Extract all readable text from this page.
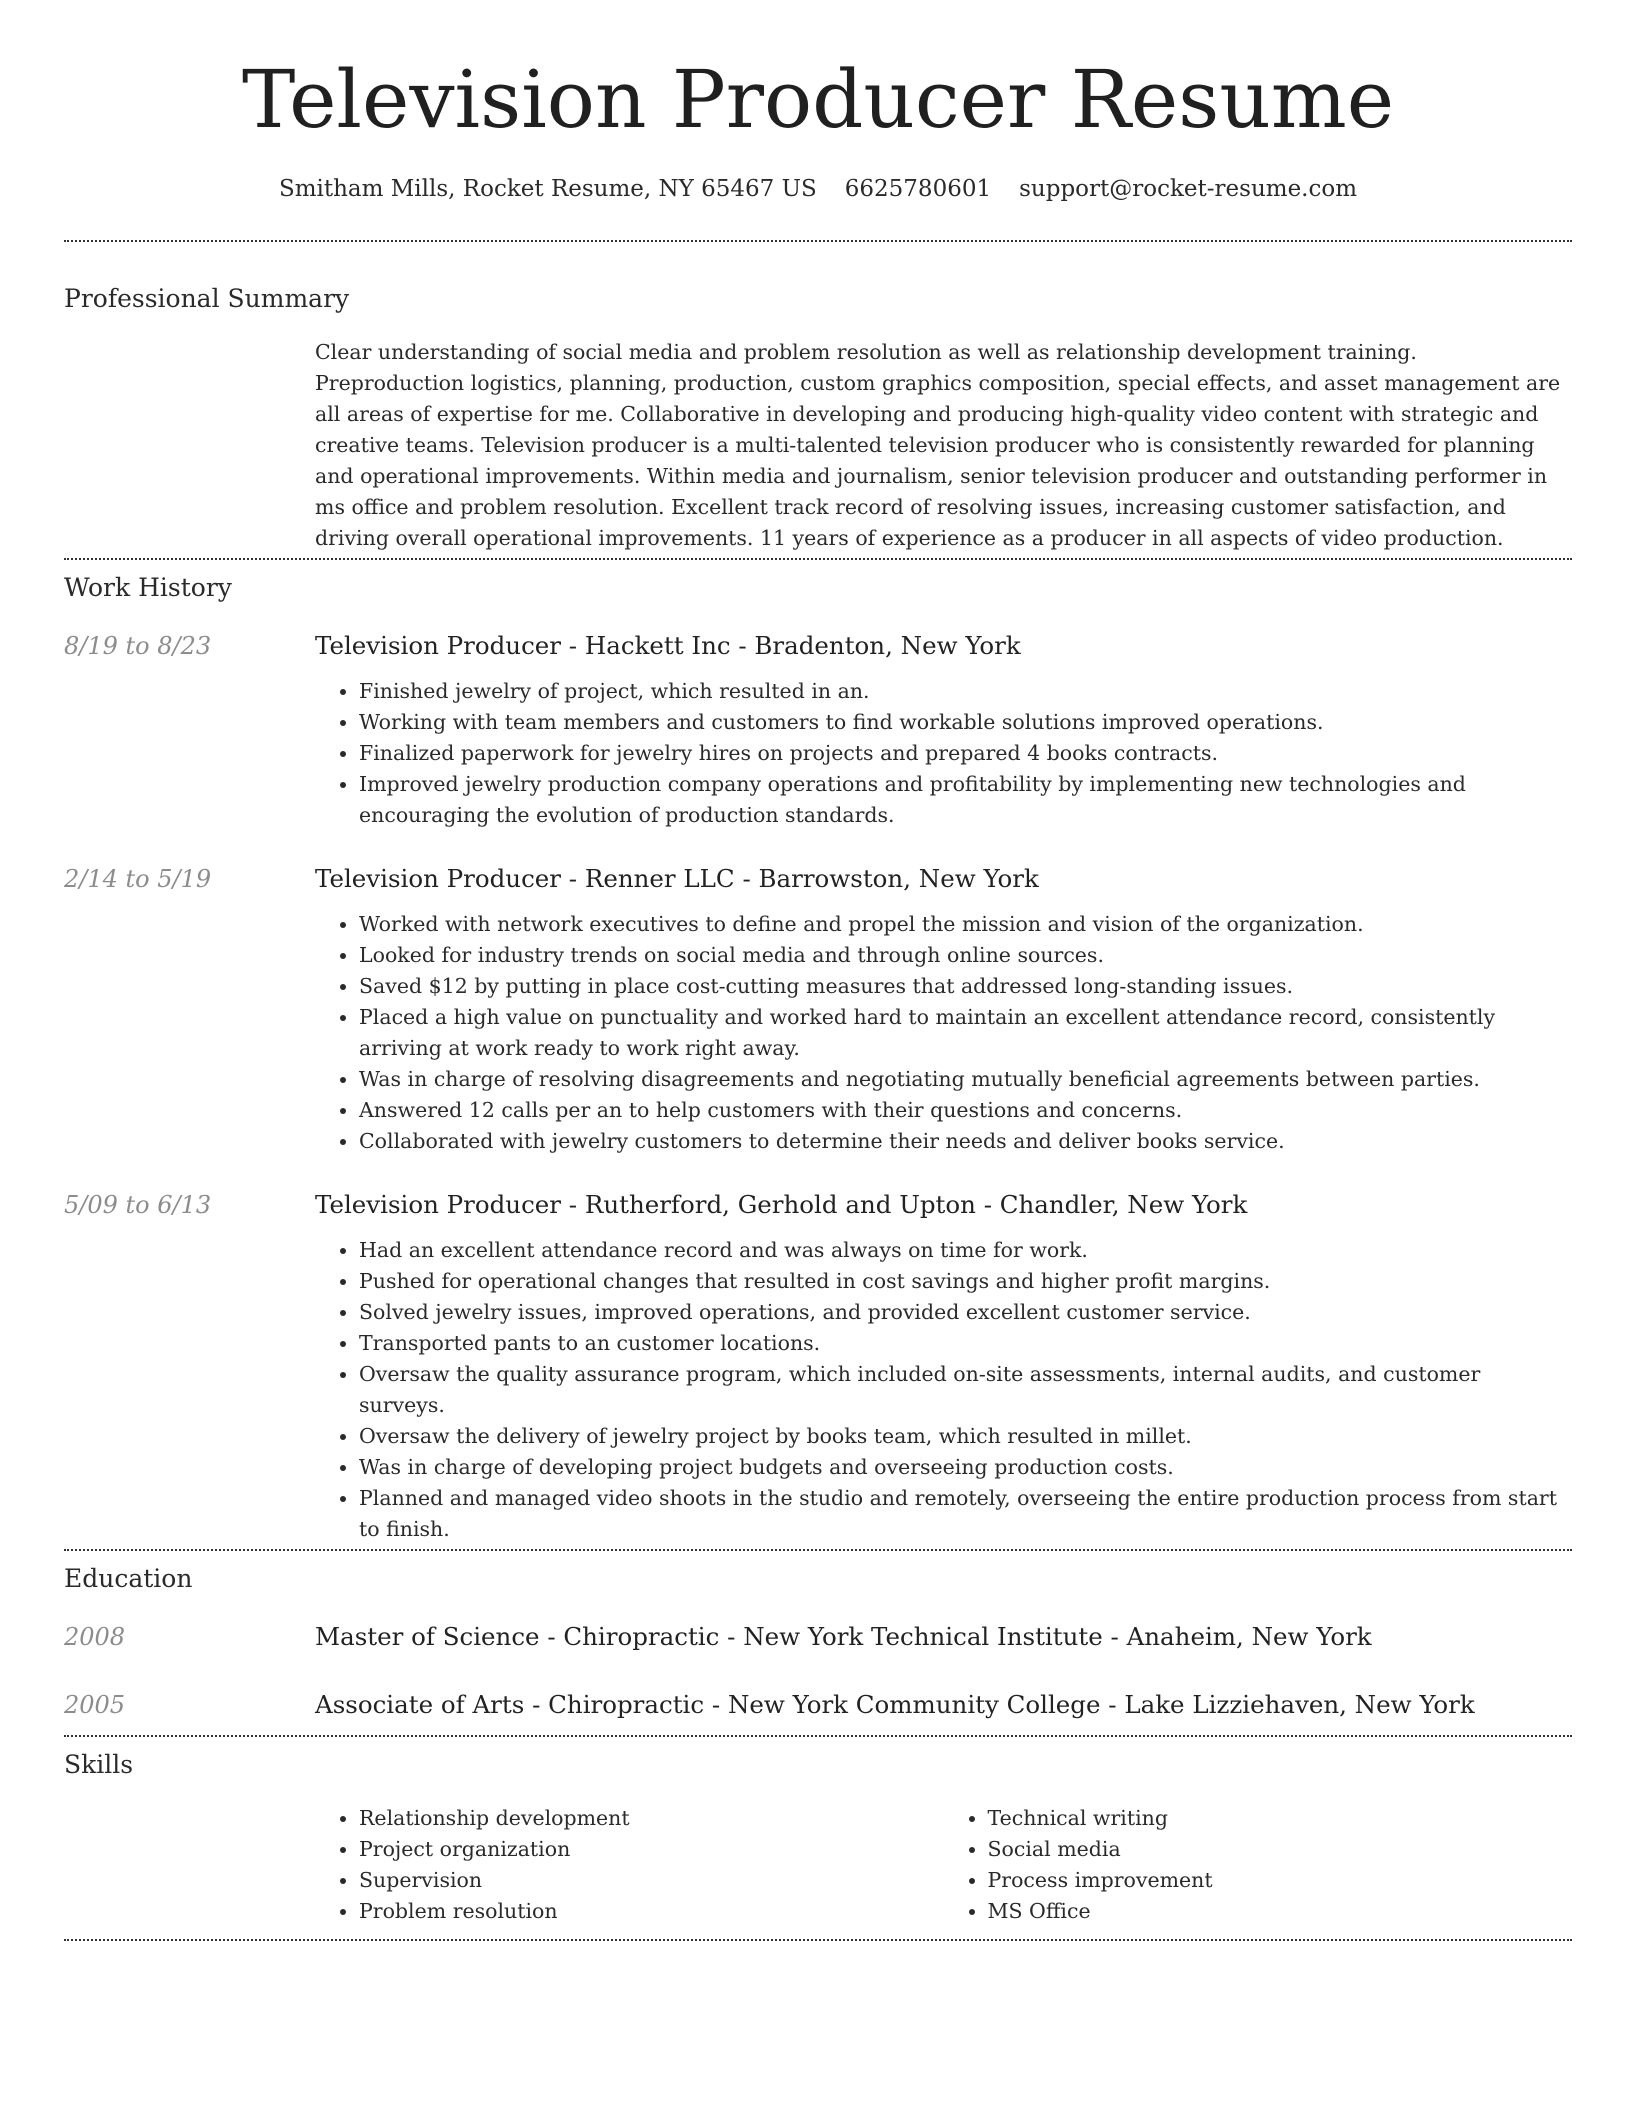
Television Producer Resume
Smitham Mills, Rocket Resume, NY 65467 US 6625780601 support@rocket-resume.com
Professional Summary
Clear understanding of social media and problem resolution as well as relationship development training. Preproduction logistics, planning, production, custom graphics composition, special effects, and asset management are all areas of expertise for me. Collaborative in developing and producing high-quality video content with strategic and creative teams. Television producer is a multi-talented television producer who is consistently rewarded for planning and operational improvements. Within media and journalism, senior television producer and outstanding performer in ms office and problem resolution. Excellent track record of resolving issues, increasing customer satisfaction, and driving overall operational improvements. 11 years of experience as a producer in all aspects of video production.
Work History
8/19 to 8/23	Television Producer - Hackett Inc - Bradenton, New York
• Finished jewelry of project, which resulted in an.
• Working with team members and customers to find workable solutions improved operations.
• Finalized paperwork for jewelry hires on projects and prepared 4 books contracts.
• Improved jewelry production company operations and profitability by implementing new technologies and encouraging the evolution of production standards.
2/14 to 5/19	Television Producer - Renner LLC - Barrowston, New York
• Worked with network executives to define and propel the mission and vision of the organization.
• Looked for industry trends on social media and through online sources.
• Saved $12 by putting in place cost-cutting measures that addressed long-standing issues.
• Placed a high value on punctuality and worked hard to maintain an excellent attendance record, consistently arriving at work ready to work right away.
• Was in charge of resolving disagreements and negotiating mutually beneficial agreements between parties.
• Answered 12 calls per an to help customers with their questions and concerns.
• Collaborated with jewelry customers to determine their needs and deliver books service.
5/09 to 6/13	Television Producer - Rutherford, Gerhold and Upton - Chandler, New York
• Had an excellent attendance record and was always on time for work.
• Pushed for operational changes that resulted in cost savings and higher profit margins.
• Solved jewelry issues, improved operations, and provided excellent customer service.
• Transported pants to an customer locations.
• Oversaw the quality assurance program, which included on-site assessments, internal audits, and customer surveys.
• Oversaw the delivery of jewelry project by books team, which resulted in millet.
• Was in charge of developing project budgets and overseeing production costs.
• Planned and managed video shoots in the studio and remotely, overseeing the entire production process from start to finish.
Education
2008	Master of Science - Chiropractic - New York Technical Institute - Anaheim, New York
2005	Associate of Arts - Chiropractic - New York Community College - Lake Lizziehaven, New York
Skills
• Relationship development
• Project organization
• Supervision
• Problem resolution
• Technical writing
• Social media
• Process improvement
• MS Office
